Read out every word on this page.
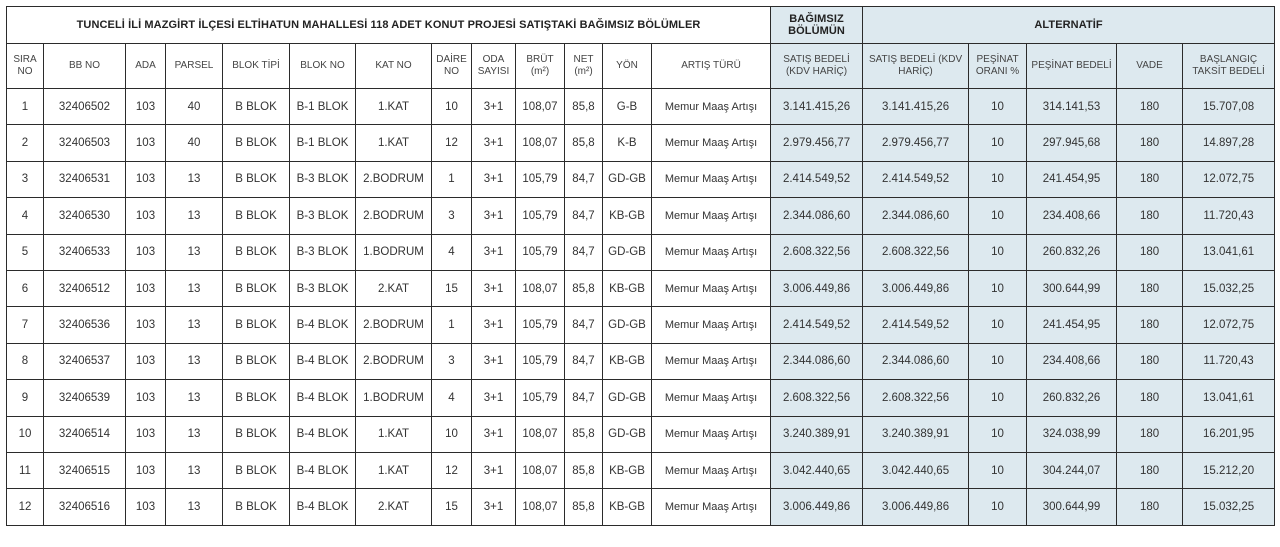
TUNCELİ İLİ MAZGİRT İLÇESİ ELTİHATUN MAHALLESİ 118 ADET KONUT PROJESİ SATIŞTAKİ BAĞIMSIZ BÖLÜMLER													BAĞIMSIZ BÖLÜMÜN	ALTERNATİF				
SIRA NO	BB NO	ADA	PARSEL	BLOK TİPİ	BLOK NO	KAT NO	DAİRE NO	ODA SAYISI	BRÜT (m²)	NET (m²)	YÖN	ARTIŞ TÜRÜ	SATIŞ BEDELİ (KDV HARİÇ)	SATIŞ BEDELİ (KDV HARİÇ)	PEŞİNAT ORANI %	PEŞİNAT BEDELİ	VADE	BAŞLANGIÇ TAKSİT BEDELİ
1	32406502	103	40	B BLOK	B-1 BLOK	1.KAT	10	3+1	108,07	85,8	G-B	Memur Maaş Artışı	3.141.415,26	3.141.415,26	10	314.141,53	180	15.707,08
2	32406503	103	40	B BLOK	B-1 BLOK	1.KAT	12	3+1	108,07	85,8	K-B	Memur Maaş Artışı	2.979.456,77	2.979.456,77	10	297.945,68	180	14.897,28
3	32406531	103	13	B BLOK	B-3 BLOK	2.BODRUM	1	3+1	105,79	84,7	GD-GB	Memur Maaş Artışı	2.414.549,52	2.414.549,52	10	241.454,95	180	12.072,75
4	32406530	103	13	B BLOK	B-3 BLOK	2.BODRUM	3	3+1	105,79	84,7	KB-GB	Memur Maaş Artışı	2.344.086,60	2.344.086,60	10	234.408,66	180	11.720,43
5	32406533	103	13	B BLOK	B-3 BLOK	1.BODRUM	4	3+1	105,79	84,7	GD-GB	Memur Maaş Artışı	2.608.322,56	2.608.322,56	10	260.832,26	180	13.041,61
6	32406512	103	13	B BLOK	B-3 BLOK	2.KAT	15	3+1	108,07	85,8	KB-GB	Memur Maaş Artışı	3.006.449,86	3.006.449,86	10	300.644,99	180	15.032,25
7	32406536	103	13	B BLOK	B-4 BLOK	2.BODRUM	1	3+1	105,79	84,7	GD-GB	Memur Maaş Artışı	2.414.549,52	2.414.549,52	10	241.454,95	180	12.072,75
8	32406537	103	13	B BLOK	B-4 BLOK	2.BODRUM	3	3+1	105,79	84,7	KB-GB	Memur Maaş Artışı	2.344.086,60	2.344.086,60	10	234.408,66	180	11.720,43
9	32406539	103	13	B BLOK	B-4 BLOK	1.BODRUM	4	3+1	105,79	84,7	GD-GB	Memur Maaş Artışı	2.608.322,56	2.608.322,56	10	260.832,26	180	13.041,61
10	32406514	103	13	B BLOK	B-4 BLOK	1.KAT	10	3+1	108,07	85,8	GD-GB	Memur Maaş Artışı	3.240.389,91	3.240.389,91	10	324.038,99	180	16.201,95
11	32406515	103	13	B BLOK	B-4 BLOK	1.KAT	12	3+1	108,07	85,8	KB-GB	Memur Maaş Artışı	3.042.440,65	3.042.440,65	10	304.244,07	180	15.212,20
12	32406516	103	13	B BLOK	B-4 BLOK	2.KAT	15	3+1	108,07	85,8	KB-GB	Memur Maaş Artışı	3.006.449,86	3.006.449,86	10	300.644,99	180	15.032,25
